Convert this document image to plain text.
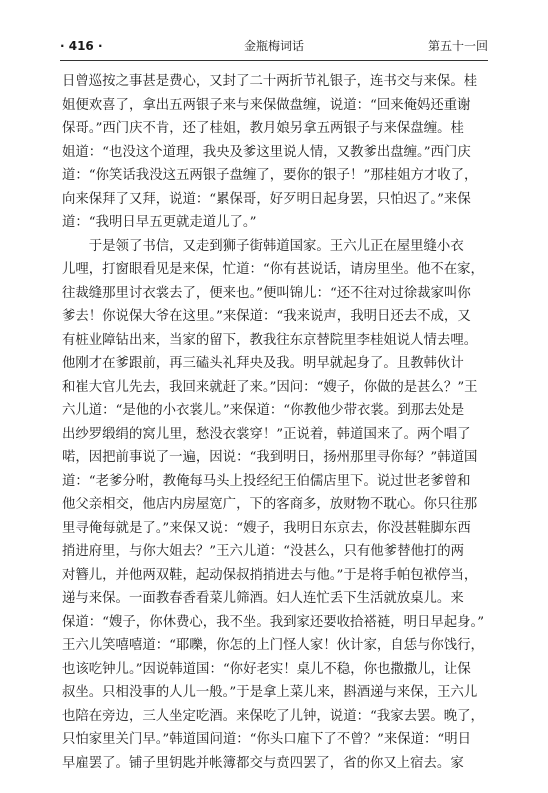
· 416 ·	金瓶梅词话	第五十一回
日曾巡按之事甚是费心，又封了二十两折节礼银子，连书交与来保。桂
姐便欢喜了，拿出五两银子来与来保做盘缠，说道：“回来俺妈还重谢
保哥。”西门庆不肯，还了桂姐，教月娘另拿五两银子与来保盘缠。桂
姐道：“也没这个道理，我央及爹这里说人情，又教爹出盘缠。”西门庆
道：“你笑话我没这五两银子盘缠了，要你的银子！”那桂姐方才收了，
向来保拜了又拜，说道：“累保哥，好歹明日起身罢，只怕迟了。”来保
道：“我明日早五更就走道儿了。”
　　于是领了书信，又走到狮子街韩道国家。王六儿正在屋里缝小衣
儿哩，打窗眼看见是来保，忙道：“你有甚说话，请房里坐。他不在家，
往裁缝那里讨衣裳去了，便来也。”便叫锦儿：“还不往对过徐裁家叫你
爹去！你说保大爷在这里。”来保道：“我来说声，我明日还去不成，又
有桩业障钻出来，当家的留下，教我往东京替院里李桂姐说人情去哩。
他刚才在爹跟前，再三磕头礼拜央及我。明早就起身了。且教韩伙计
和崔大官儿先去，我回来就赶了来。”因问：“嫂子，你做的是甚么？”王
六儿道：“是他的小衣裳儿。”来保道：“你教他少带衣裳。到那去处是
出纱罗缎绢的窝儿里，愁没衣裳穿！”正说着，韩道国来了。两个唱了
喏，因把前事说了一遍，因说：“我到明日，扬州那里寻你每？”韩道国
道：“老爹分咐，教俺每马头上投经纪王伯儒店里下。说过世老爹曾和
他父亲相交，他店内房屋宽广，下的客商多，放财物不耽心。你只往那
里寻俺每就是了。”来保又说：“嫂子，我明日东京去，你没甚鞋脚东西
捎进府里，与你大姐去？”王六儿道：“没甚么，只有他爹替他打的两
对簪儿，并他两双鞋，起动保叔捎捎进去与他。”于是将手帕包袱停当，
递与来保。一面教春香看菜儿筛酒。妇人连忙丢下生活就放桌儿。来
保道：“嫂子，你休费心，我不坐。我到家还要收拾褡裢，明日早起身。”
王六儿笑嘻嘻道：“耶嚛，你怎的上门怪人家！伙计家，自恁与你饯行，
也该吃钟儿。”因说韩道国：“你好老实！桌儿不稳，你也撒撒儿，让保
叔坐。只相没事的人儿一般。”于是拿上菜儿来，斟酒递与来保，王六儿
也陪在旁边，三人坐定吃酒。来保吃了儿钟，说道：“我家去罢。晚了，
只怕家里关门早。”韩道国问道：“你头口雇下了不曾？”来保道：“明日
早雇罢了。铺子里钥匙并帐簿都交与贲四罢了，省的你又上宿去。家
